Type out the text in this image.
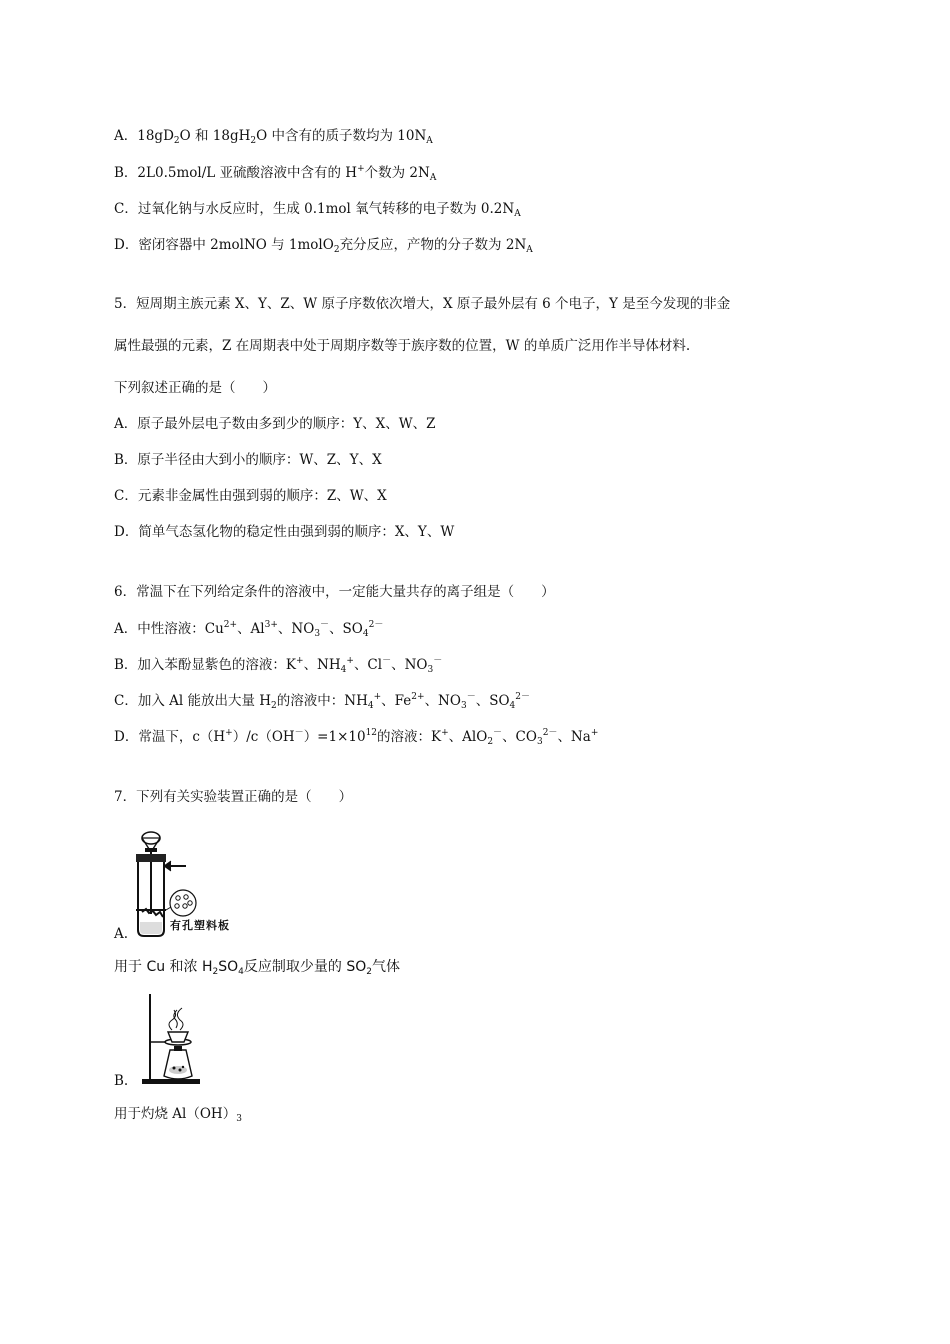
A．$18gD_2O$ 和 $18gH_2O$ 中含有的质子数均为 $10N_A$
B．2L0.5mol/L 亚硫酸溶液中含有的 H+个数为 $2N_A$
C．过氧化钠与水反应时，生成 0.1mol 氧气转移的电子数为 $0.2N_A$
D．密闭容器中 2molNO 与 1molO$_2$充分反应，产物的分子数为 $2N_A$
5．短周期主族元素 X、Y、Z、W 原子序数依次增大，X 原子最外层有 6 个电子，Y 是至今发现的非金
属性最强的元素，Z 在周期表中处于周期序数等于族序数的位置，W 的单质广泛用作半导体材料.
下列叙述正确的是（　　）
A．原子最外层电子数由多到少的顺序：Y、X、W、Z
B．原子半径由大到小的顺序：W、Z、Y、X
C．元素非金属性由强到弱的顺序：Z、W、X
D．简单气态氢化物的稳定性由强到弱的顺序：X、Y、W
6．常温下在下列给定条件的溶液中，一定能大量共存的离子组是（　　）
A．中性溶液：$Cu^{2+}$、$Al^{3+}$、$NO_3^-$、$SO_4^{2-}$
B．加入苯酚显紫色的溶液：K+、$NH_4^+$、Cl－、$NO_3^-$
C．加入 Al 能放出大量 $H_2$的溶液中：$NH_4^+$、$Fe^{2+}$、$NO_3^-$、$SO_4^{2-}$
D．常温下，$c(H^+)/c(OH^-)=1\times 10^{12}$的溶液：K+、AlO$_2$－、$CO_3^{2-}$、Na+
7．下列有关实验装置正确的是（　　）
有孔塑料板
A.
用于 Cu 和浓 $H_2SO_4$反应制取少量的 $SO_2$气体
B.
用于灼烧 $Al(OH)_3$
